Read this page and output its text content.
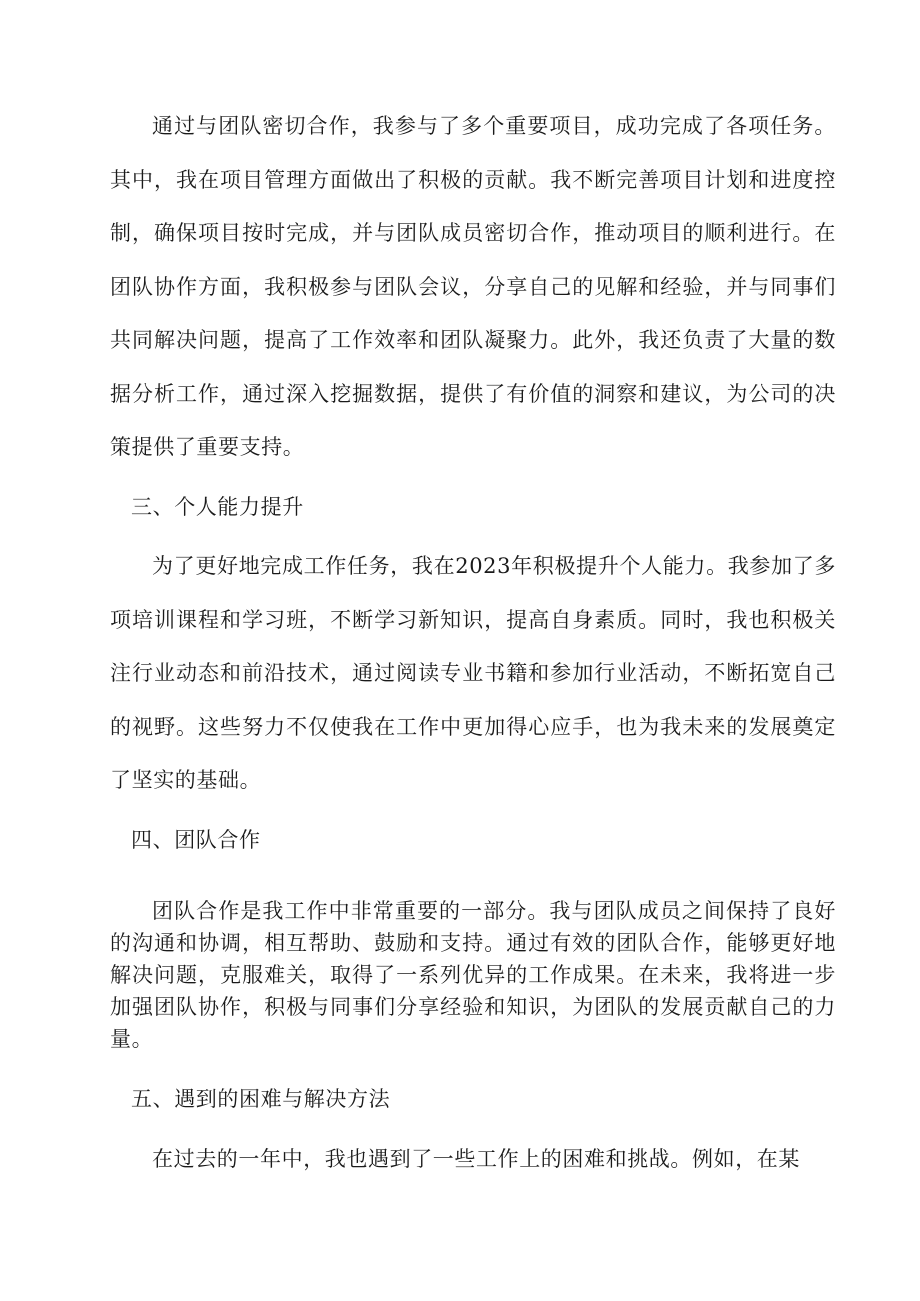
通过与团队密切合作，我参与了多个重要项目，成功完成了各项任务。其中，我在项目管理方面做出了积极的贡献。我不断完善项目计划和进度控制，确保项目按时完成，并与团队成员密切合作，推动项目的顺利进行。在团队协作方面，我积极参与团队会议，分享自己的见解和经验，并与同事们共同解决问题，提高了工作效率和团队凝聚力。此外，我还负责了大量的数据分析工作，通过深入挖掘数据，提供了有价值的洞察和建议，为公司的决策提供了重要支持。

三、个人能力提升

为了更好地完成工作任务，我在2023年积极提升个人能力。我参加了多项培训课程和学习班，不断学习新知识，提高自身素质。同时，我也积极关注行业动态和前沿技术，通过阅读专业书籍和参加行业活动，不断拓宽自己的视野。这些努力不仅使我在工作中更加得心应手，也为我未来的发展奠定了坚实的基础。

四、团队合作

团队合作是我工作中非常重要的一部分。我与团队成员之间保持了良好的沟通和协调，相互帮助、鼓励和支持。通过有效的团队合作，能够更好地解决问题，克服难关，取得了一系列优异的工作成果。在未来，我将进一步加强团队协作，积极与同事们分享经验和知识，为团队的发展贡献自己的力量。

五、遇到的困难与解决方法

在过去的一年中，我也遇到了一些工作上的困难和挑战。例如，在某
